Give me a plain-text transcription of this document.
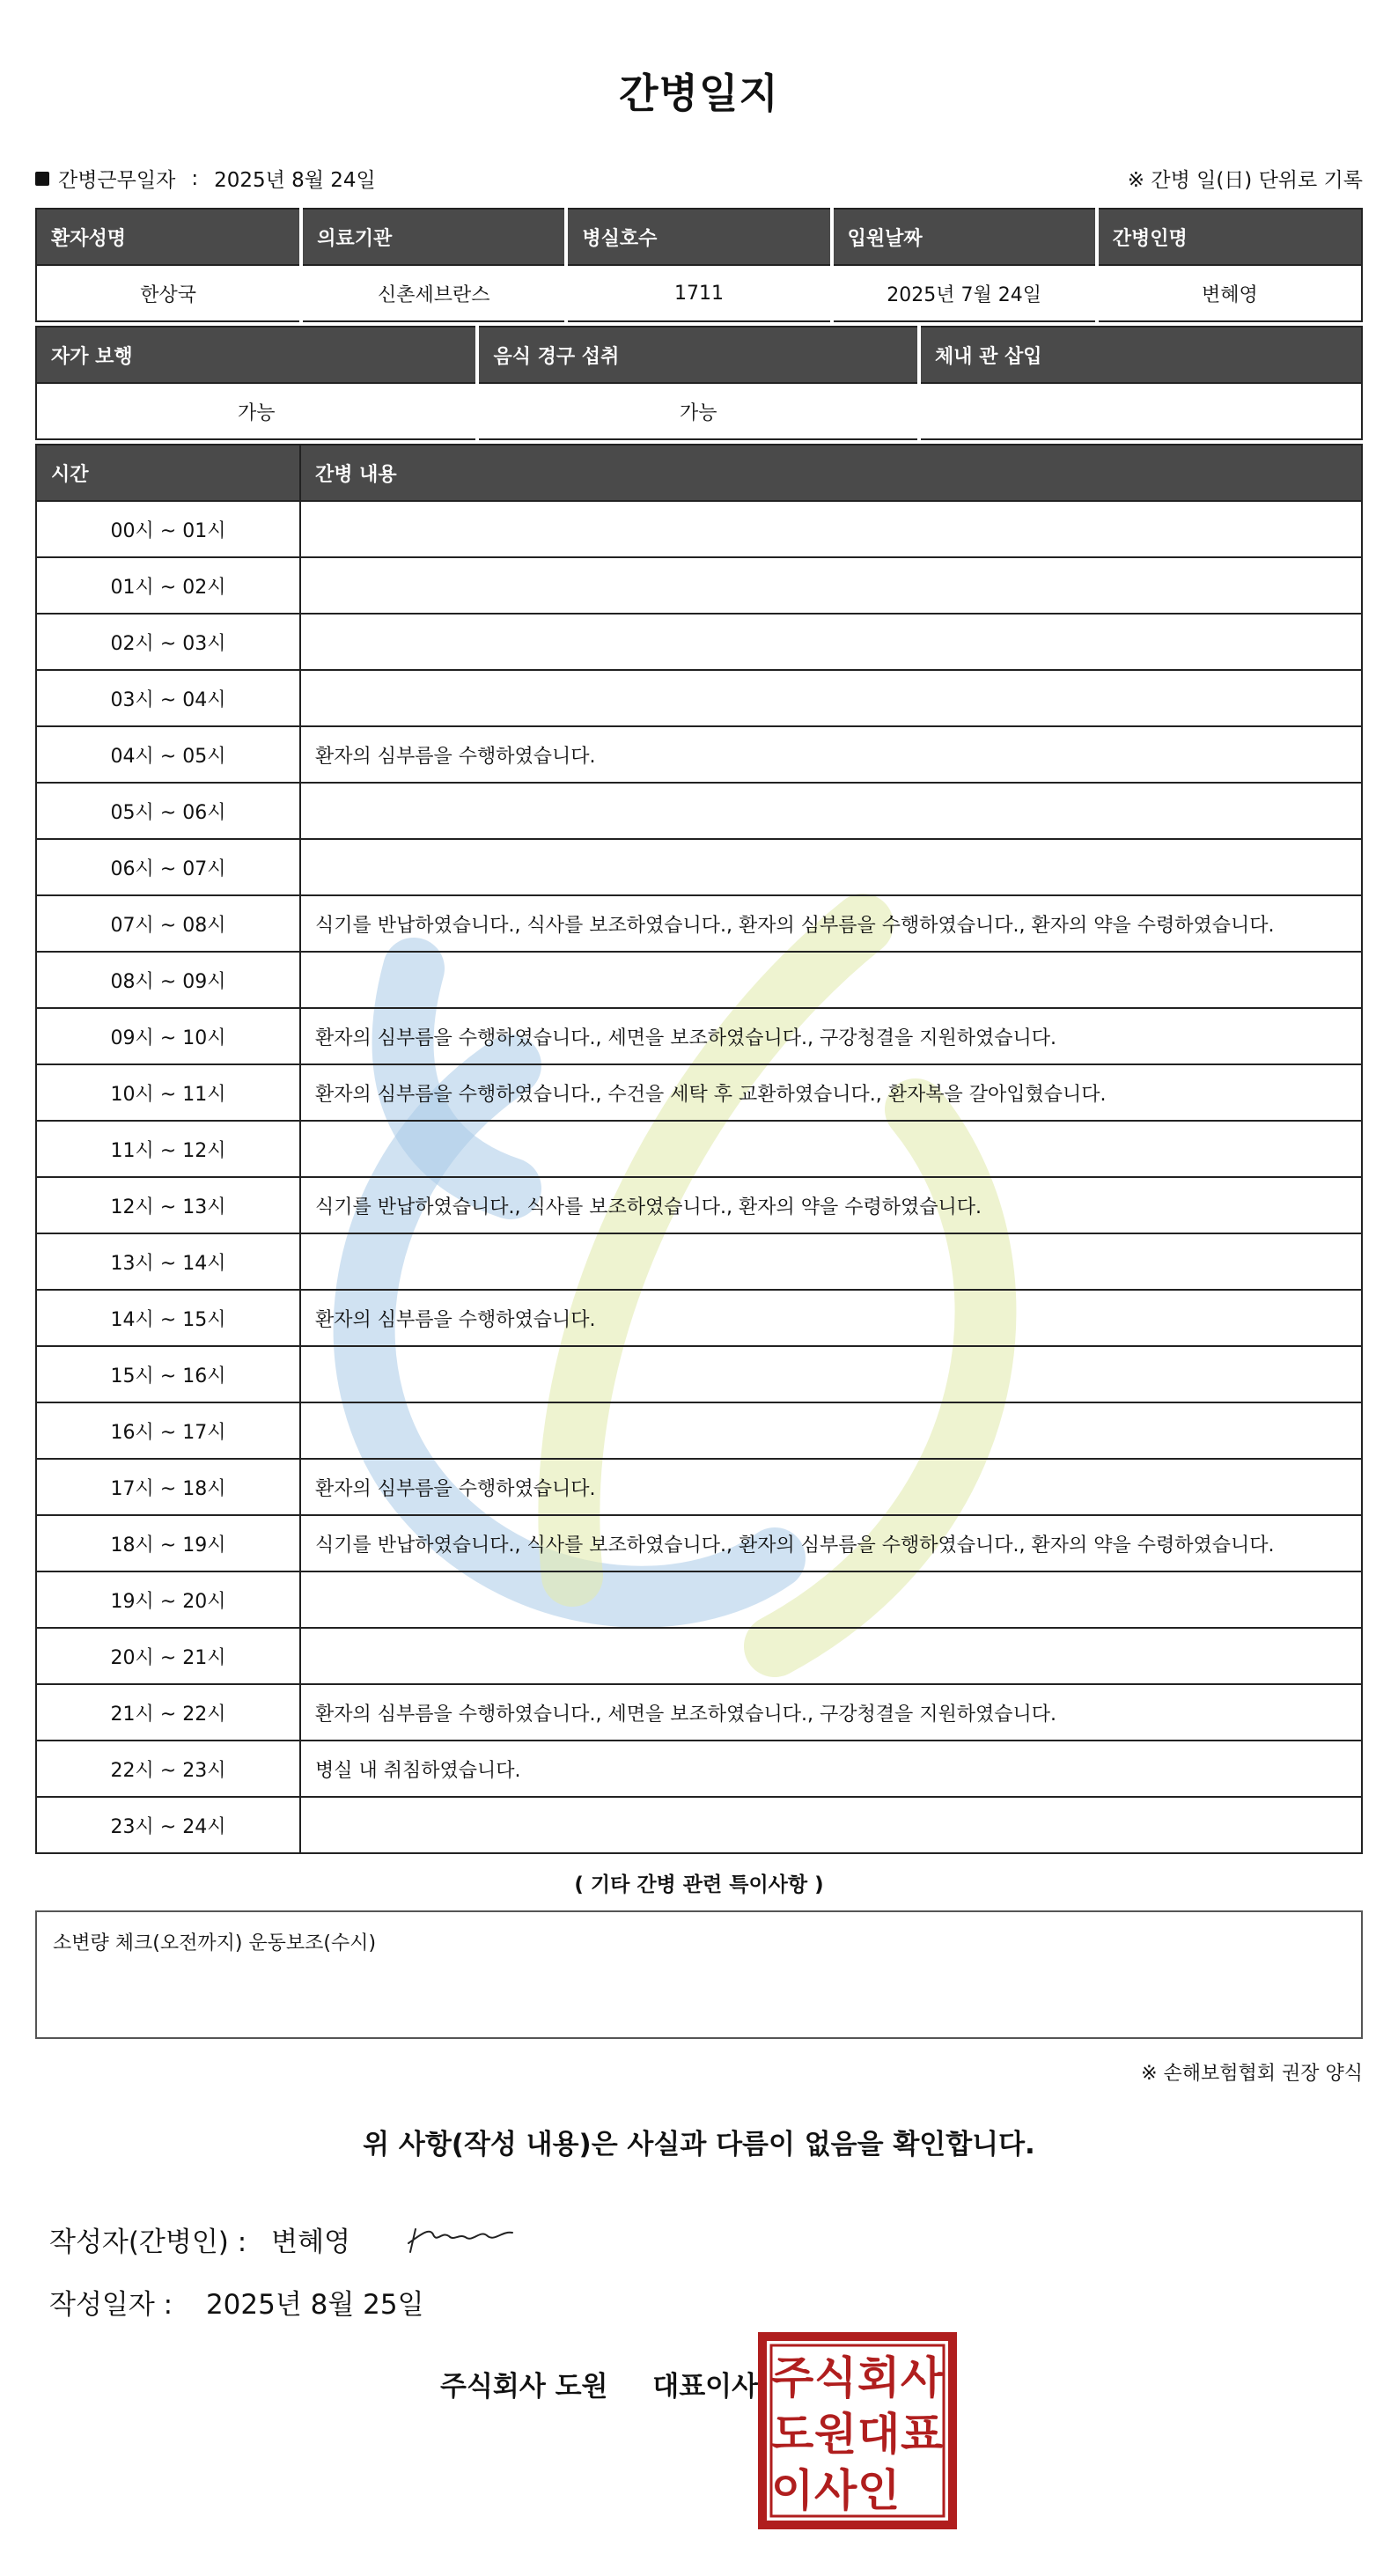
간병일지
간병근무일자 : 2025년 8월 24일	※ 간병 일(日) 단위로 기록
환자성명	의료기관	병실호수	입원날짜	간병인명
한상국	신촌세브란스	1711	2025년 7월 24일	변혜영
자가 보행	음식 경구 섭취	체내 관 삽입
가능	가능	
시간	간병 내용
00시 ~ 01시	
01시 ~ 02시	
02시 ~ 03시	
03시 ~ 04시	
04시 ~ 05시	환자의 심부름을 수행하였습니다.
05시 ~ 06시	
06시 ~ 07시	
07시 ~ 08시	식기를 반납하였습니다., 식사를 보조하였습니다., 환자의 심부름을 수행하였습니다., 환자의 약을 수령하였습니다.
08시 ~ 09시	
09시 ~ 10시	환자의 심부름을 수행하였습니다., 세면을 보조하였습니다., 구강청결을 지원하였습니다.
10시 ~ 11시	환자의 심부름을 수행하였습니다., 수건을 세탁 후 교환하였습니다., 환자복을 갈아입혔습니다.
11시 ~ 12시	
12시 ~ 13시	식기를 반납하였습니다., 식사를 보조하였습니다., 환자의 약을 수령하였습니다.
13시 ~ 14시	
14시 ~ 15시	환자의 심부름을 수행하였습니다.
15시 ~ 16시	
16시 ~ 17시	
17시 ~ 18시	환자의 심부름을 수행하였습니다.
18시 ~ 19시	식기를 반납하였습니다., 식사를 보조하였습니다., 환자의 심부름을 수행하였습니다., 환자의 약을 수령하였습니다.
19시 ~ 20시	
20시 ~ 21시	
21시 ~ 22시	환자의 심부름을 수행하였습니다., 세면을 보조하였습니다., 구강청결을 지원하였습니다.
22시 ~ 23시	병실 내 취침하였습니다.
23시 ~ 24시	
( 기타 간병 관련 특이사항 )
소변량 체크(오전까지) 운동보조(수시)
※ 손해보험협회 권장 양식
위 사항(작성 내용)은 사실과 다름이 없음을 확인합니다.
작성자(간병인) : 변혜영
작성일자 : 2025년 8월 25일
주식회사 도원 대표이사 주식회사 도원대표 이사인
